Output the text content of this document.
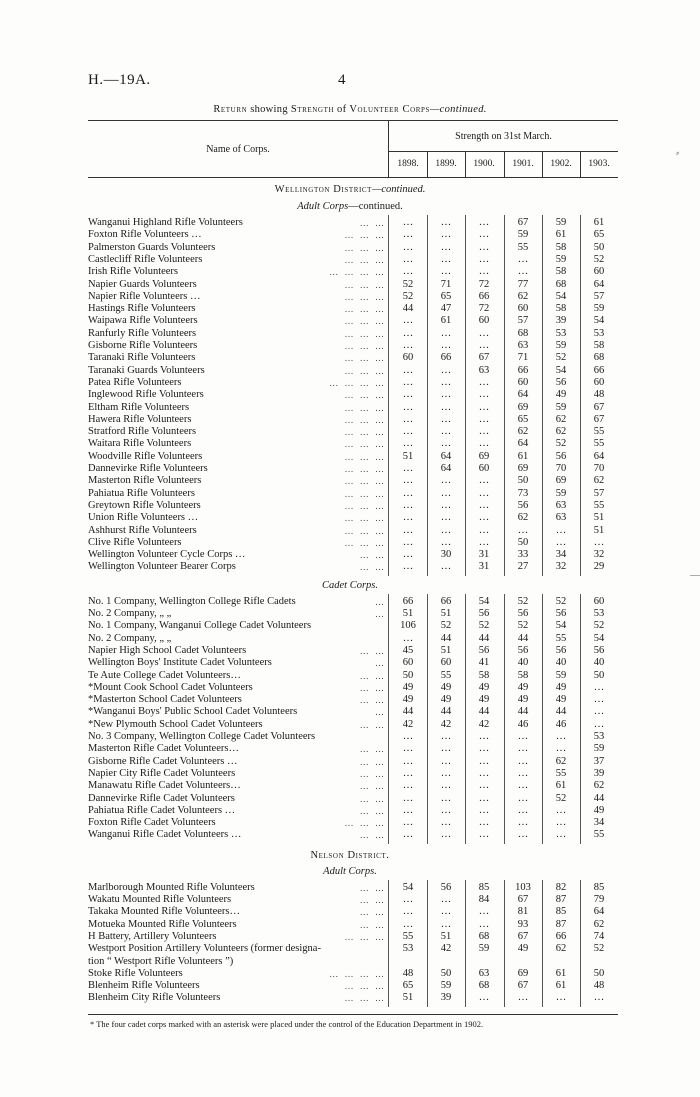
H.—19A.	4
Return showing Strength of Volunteer Corps—continued.
Name of Corps.
Strength on 31st March.
1898.	1899.	1900.	1901.	1902.	1903.
Wellington District—continued.
Adult Corps—continued.
Wanganui Highland Rifle Volunteers	… …	…	…	…	67	59	61
Foxton Rifle Volunteers …	… … …	…	…	…	59	61	65
Palmerston Guards Volunteers	… … …	…	…	…	55	58	50
Castlecliff Rifle Volunteers	… … …	…	…	…	…	59	52
Irish Rifle Volunteers	… … … …	…	…	…	…	58	60
Napier Guards Volunteers	… … …	52	71	72	77	68	64
Napier Rifle Volunteers …	… … …	52	65	66	62	54	57
Hastings Rifle Volunteers	… … …	44	47	72	60	58	59
Waipawa Rifle Volunteers	… … …	…	61	60	57	39	54
Ranfurly Rifle Volunteers	… … …	…	…	…	68	53	53
Gisborne Rifle Volunteers	… … …	…	…	…	63	59	58
Taranaki Rifle Volunteers	… … …	60	66	67	71	52	68
Taranaki Guards Volunteers	… … …	…	…	63	66	54	66
Patea Rifle Volunteers	… … … …	…	…	…	60	56	60
Inglewood Rifle Volunteers	… … …	…	…	…	64	49	48
Eltham Rifle Volunteers	… … …	…	…	…	69	59	67
Hawera Rifle Volunteers	… … …	…	…	…	65	62	67
Stratford Rifle Volunteers	… … …	…	…	…	62	62	55
Waitara Rifle Volunteers	… … …	…	…	…	64	52	55
Woodville Rifle Volunteers	… … …	51	64	69	61	56	64
Dannevirke Rifle Volunteers	… … …	…	64	60	69	70	70
Masterton Rifle Volunteers	… … …	…	…	…	50	69	62
Pahiatua Rifle Volunteers	… … …	…	…	…	73	59	57
Greytown Rifle Volunteers	… … …	…	…	…	56	63	55
Union Rifle Volunteers …	… … …	…	…	…	62	63	51
Ashhurst Rifle Volunteers	… … …	…	…	…	…	…	51
Clive Rifle Volunteers	… … …	…	…	…	50	…	…
Wellington Volunteer Cycle Corps …	… …	…	30	31	33	34	32
Wellington Volunteer Bearer Corps	… …	…	…	31	27	32	29
Cadet Corps.
No. 1 Company, Wellington College Rifle Cadets	…	66	66	54	52	52	60
No. 2 Company, „ „	…	51	51	56	56	56	53
No. 1 Company, Wanganui College Cadet Volunteers	106	52	52	52	54	52
No. 2 Company, „ „	…	44	44	44	55	54
Napier High School Cadet Volunteers	… …	45	51	56	56	56	56
Wellington Boys' Institute Cadet Volunteers	…	60	60	41	40	40	40
Te Aute College Cadet Volunteers…	… …	50	55	58	58	59	50
*Mount Cook School Cadet Volunteers	… …	49	49	49	49	49	…
*Masterton School Cadet Volunteers	… …	49	49	49	49	49	…
*Wanganui Boys' Public School Cadet Volunteers	…	44	44	44	44	44	…
*New Plymouth School Cadet Volunteers	… …	42	42	42	46	46	…
No. 3 Company, Wellington College Cadet Volunteers	…	…	…	…	…	53
Masterton Rifle Cadet Volunteers…	… …	…	…	…	…	…	59
Gisborne Rifle Cadet Volunteers …	… …	…	…	…	…	62	37
Napier City Rifle Cadet Volunteers	… …	…	…	…	…	55	39
Manawatu Rifle Cadet Volunteers…	… …	…	…	…	…	61	62
Dannevirke Rifle Cadet Volunteers	… …	…	…	…	…	52	44
Pahiatua Rifle Cadet Volunteers …	… …	…	…	…	…	…	49
Foxton Rifle Cadet Volunteers	… … …	…	…	…	…	…	34
Wanganui Rifle Cadet Volunteers …	… …	…	…	…	…	…	55
Nelson District.
Adult Corps.
Marlborough Mounted Rifle Volunteers	… …	54	56	85	103	82	85
Wakatu Mounted Rifle Volunteers	… …	…	…	84	67	87	79
Takaka Mounted Rifle Volunteers…	… …	…	…	…	81	85	64
Motueka Mounted Rifle Volunteers	… …	…	…	…	93	87	62
H Battery, Artillery Volunteers	… … …	55	51	68	67	66	74
Westport Position Artillery Volunteers (former designa-	53	42	59	49	62	52
tion “ Westport Rifle Volunteers ”)
Stoke Rifle Volunteers	… … … …	48	50	63	69	61	50
Blenheim Rifle Volunteers	… … …	65	59	68	67	61	48
Blenheim City Rifle Volunteers	… … …	51	39	…	…	…	…
* The four cadet corps marked with an asterisk were placed under the control of the Education Department in 1902.
⸗
—
